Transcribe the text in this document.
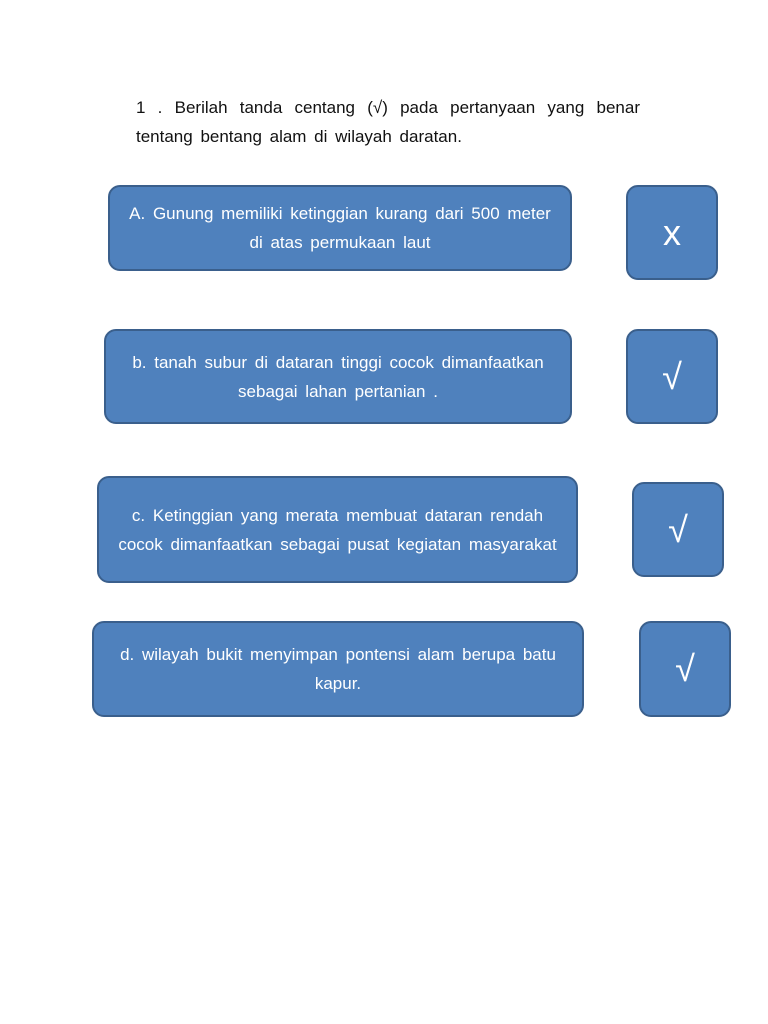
1 . Berilah tanda centang (√) pada pertanyaan yang benar tentang bentang alam di wilayah daratan.
A. Gunung memiliki ketinggian kurang dari 500 meter di atas permukaan laut	x
b. tanah subur di dataran tinggi cocok dimanfaatkan sebagai lahan pertanian .	√
c. Ketinggian yang merata membuat dataran rendah cocok dimanfaatkan sebagai pusat kegiatan masyarakat	√
d. wilayah bukit menyimpan pontensi alam berupa batu kapur.	√
